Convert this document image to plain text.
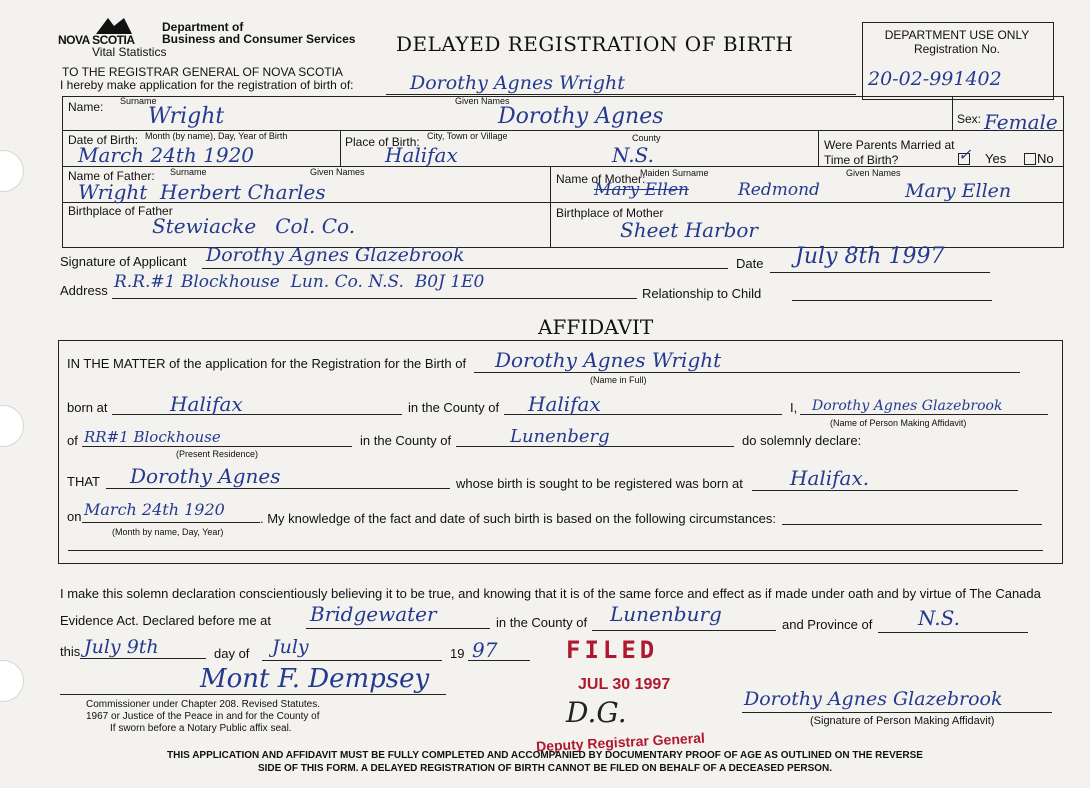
NOVA SCOTIA
Department of
Business and Consumer Services
Vital Statistics	DELAYED REGISTRATION OF BIRTH	DEPARTMENT USE ONLY
Registration No.
20-02-991402
TO THE REGISTRAR GENERAL OF NOVA SCOTIA
I hereby make application for the registration of birth of:	Dorothy Agnes Wright
Name: Surname	Given Names
Wright	Dorothy Agnes	Sex: Female
Date of Birth: Month (by name), Day, Year of Birth
March 24th 1920
Place of Birth: City, Town or Village	County
Halifax	N.S.	Were Parents Married at
Time of Birth?	✓ Yes No
Name of Father: Surname	Given Names
Wright  Herbert Charles
Name of Mother:
Maiden Surname	Given Names
Mary Ellen	Redmond	Mary Ellen
Birthplace of Father
Stewiacke   Col. Co.
Birthplace of Mother
Sheet Harbor
Signature of Applicant Dorothy Agnes Glazebrook	Date July 8th 1997
Address R.R.#1 Blockhouse  Lun. Co. N.S.  B0J 1E0
Relationship to Child
AFFIDAVIT
IN THE MATTER of the application for the Registration for the Birth of Dorothy Agnes Wright
(Name in Full)
born at	Halifax	in the County of Halifax	I, Dorothy Agnes Glazebrook
(Name of Person Making Affidavit)
of RR#1 Blockhouse
(Present Residence)
in the County of	Lunenberg	do solemnly declare:
THAT Dorothy Agnes	whose birth is sought to be registered was born at Halifax.
on March 24th 1920	. My knowledge of the fact and date of such birth is based on the following circumstances:
(Month by name, Day, Year)
I make this solemn declaration conscientiously believing it to be true, and knowing that it is of the same force and effect as if made under oath and by virtue of The Canada
Evidence Act. Declared before me at Bridgewater	in the County of Lunenburg	and Province of N.S.
this July 9th	day of July	19 97
Mont F. Dempsey
Commissioner under Chapter 208. Revised Statutes.
1967 or Justice of the Peace in and for the County of
If sworn before a Notary Public affix seal.
Dorothy Agnes Glazebrook
(Signature of Person Making Affidavit)
FILED
JUL 30 1997
D.G.
Deputy Registrar General
THIS APPLICATION AND AFFIDAVIT MUST BE FULLY COMPLETED AND ACCOMPANIED BY DOCUMENTARY PROOF OF AGE AS OUTLINED ON THE REVERSE
SIDE OF THIS FORM. A DELAYED REGISTRATION OF BIRTH CANNOT BE FILED ON BEHALF OF A DECEASED PERSON.
